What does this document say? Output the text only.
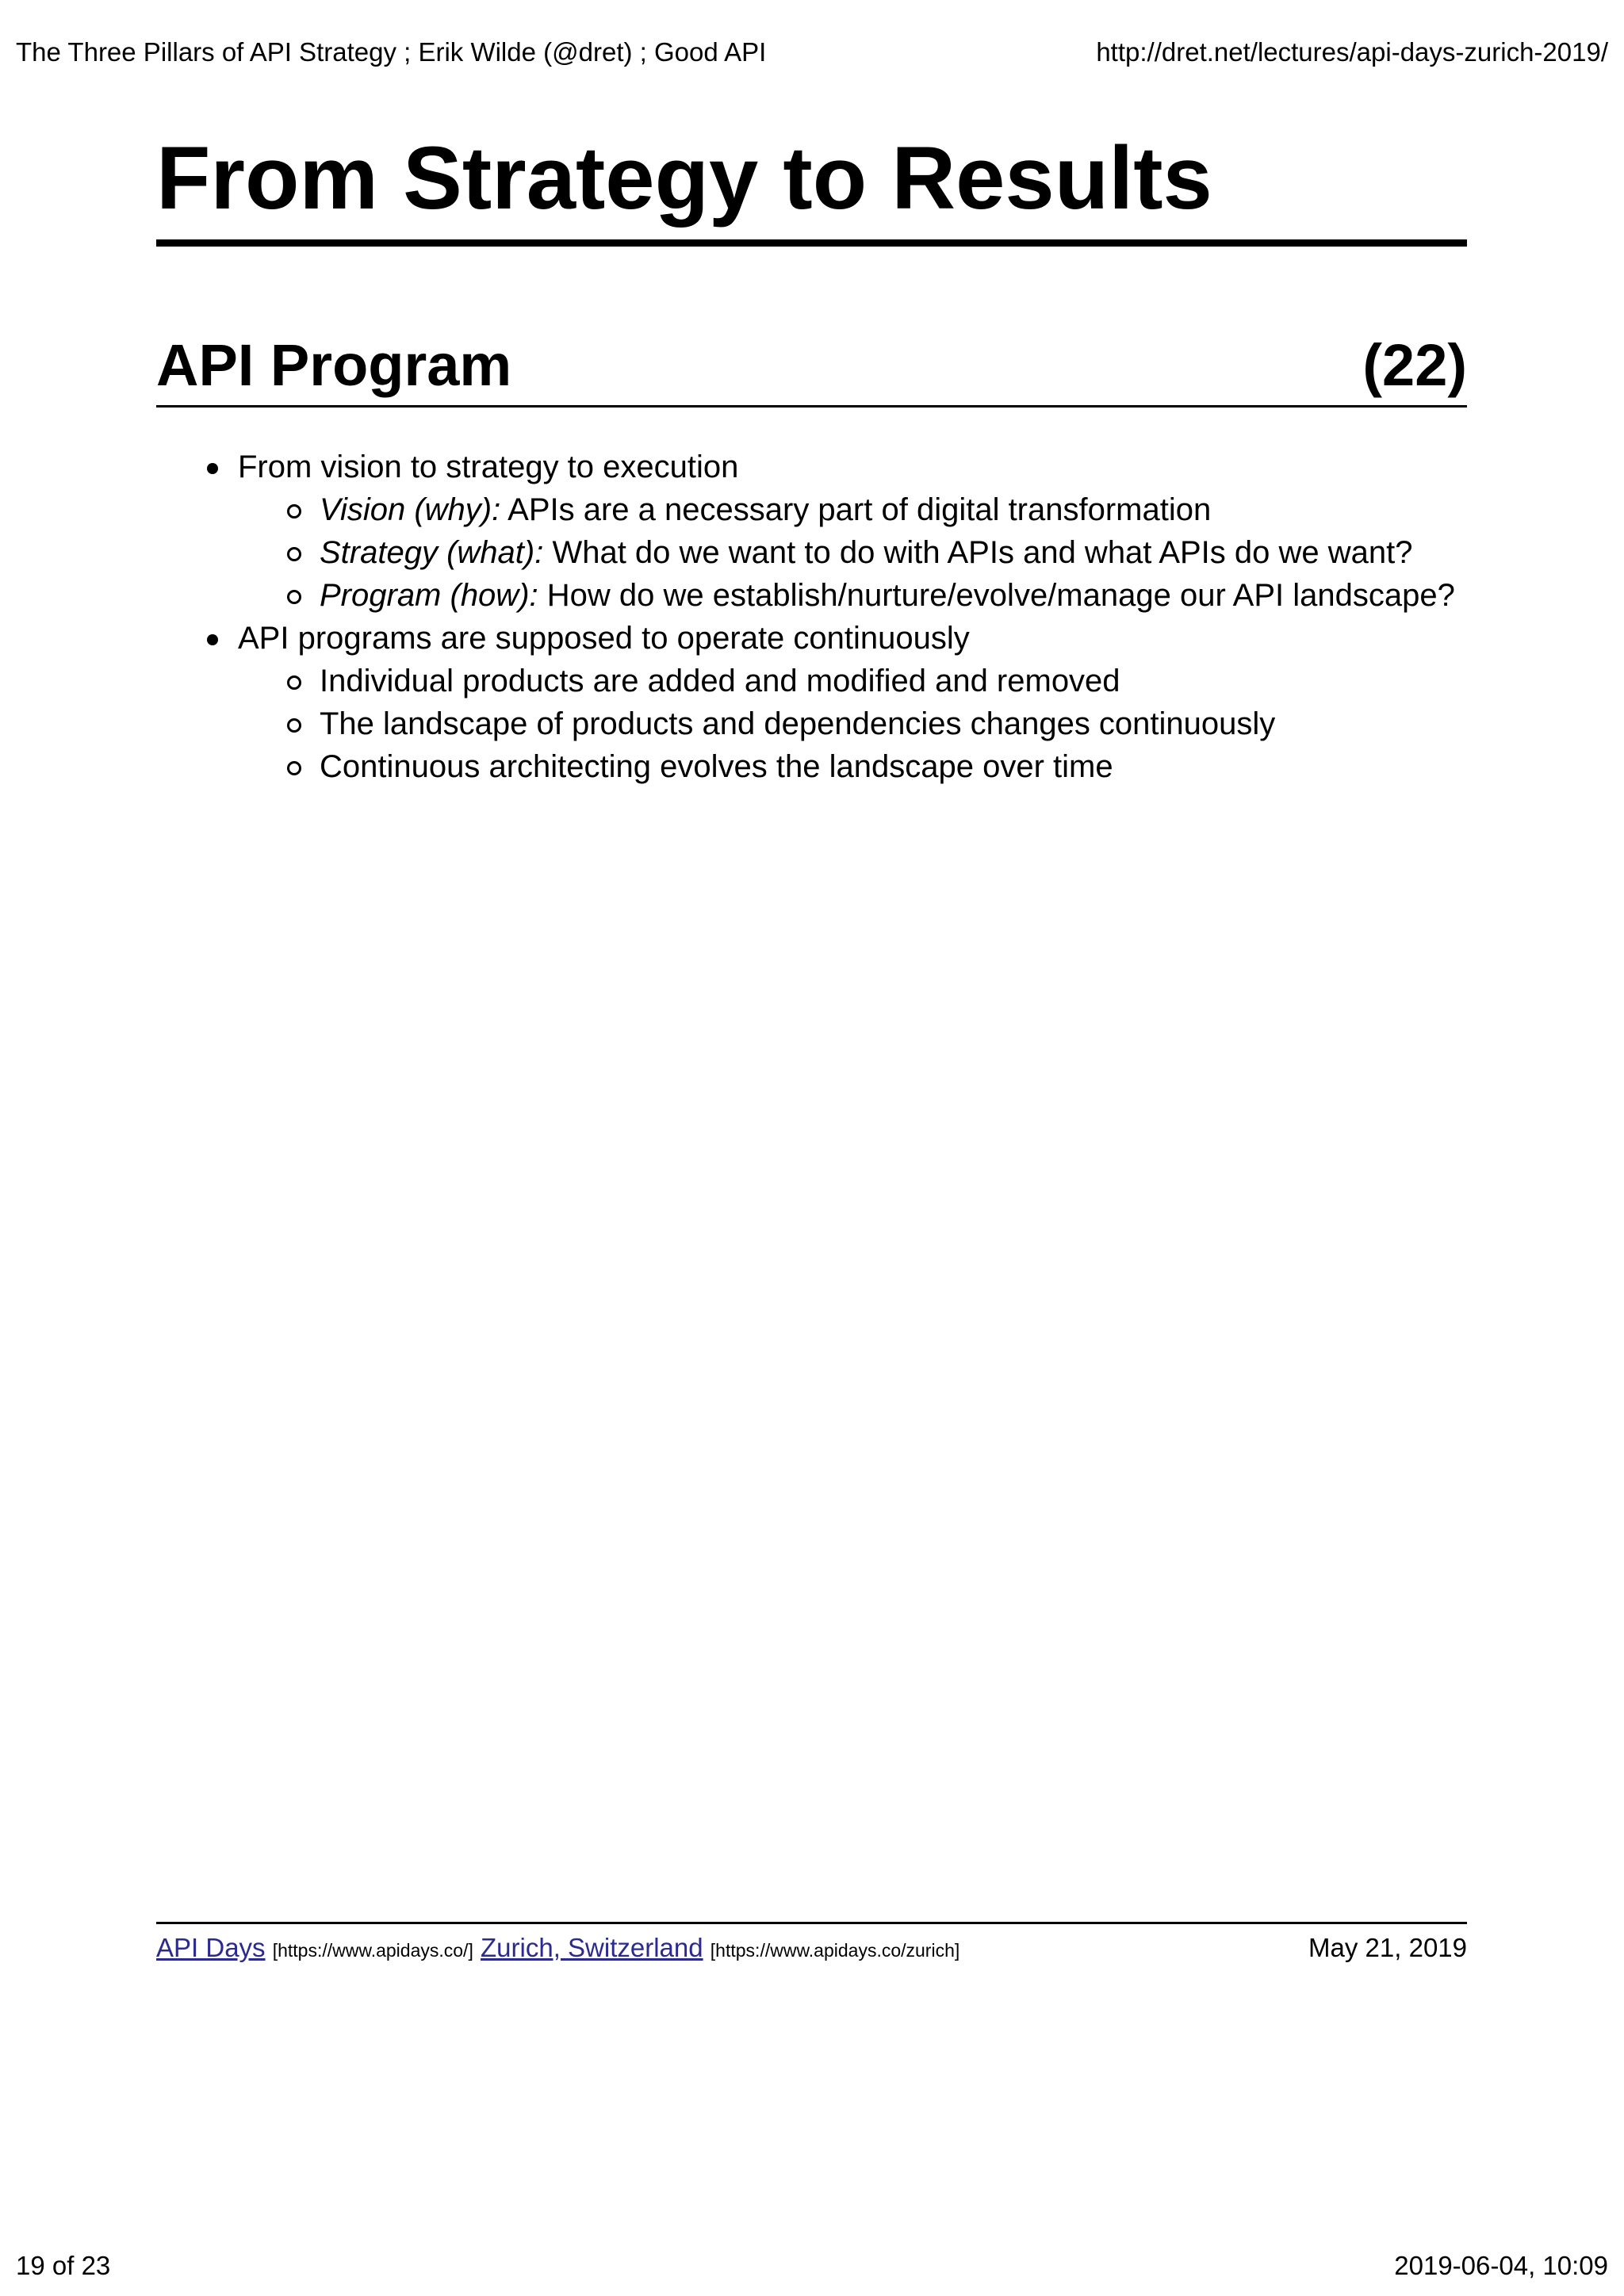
The Three Pillars of API Strategy ; Erik Wilde (@dret) ; Good API	http://dret.net/lectures/api-days-zurich-2019/
From Strategy to Results
API Program	(22)
From vision to strategy to execution
Vision (why): APIs are a necessary part of digital transformation
Strategy (what): What do we want to do with APIs and what APIs do we want?
Program (how): How do we establish/nurture/evolve/manage our API landscape?
API programs are supposed to operate continuously
Individual products are added and modified and removed
The landscape of products and dependencies changes continuously
Continuous architecting evolves the landscape over time
API Days [https://www.apidays.co/] Zurich, Switzerland [https://www.apidays.co/zurich]	May 21, 2019
19 of 23	2019-06-04, 10:09
